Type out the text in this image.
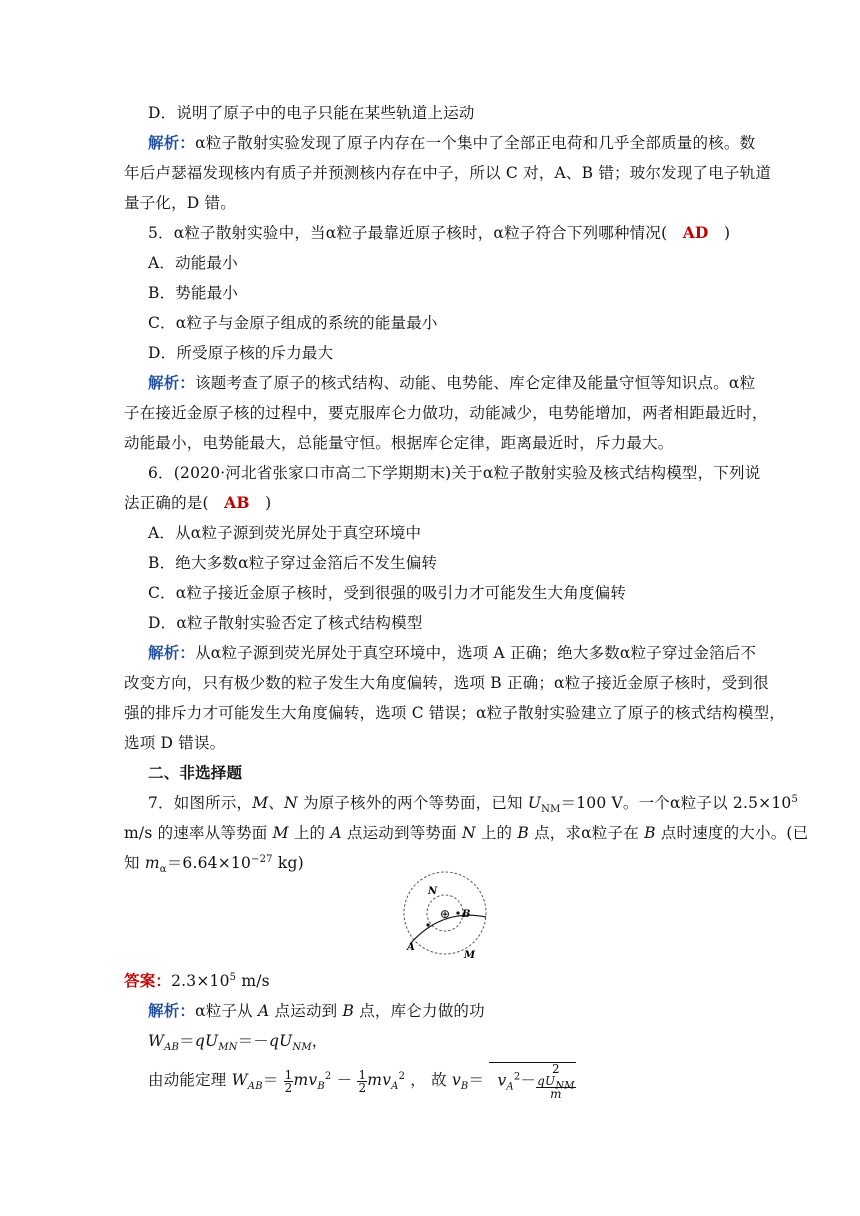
D．说明了原子中的电子只能在某些轨道上运动
解析：α粒子散射实验发现了原子内存在一个集中了全部正电荷和几乎全部质量的核。数
年后卢瑟福发现核内有质子并预测核内存在中子，所以 C 对，A、B 错；玻尔发现了电子轨道
量子化，D 错。
5．α粒子散射实验中，当α粒子最靠近原子核时，α粒子符合下列哪种情况( AD )
A．动能最小
B．势能最小
C．α粒子与金原子组成的系统的能量最小
D．所受原子核的斥力最大
解析：该题考查了原子的核式结构、动能、电势能、库仑定律及能量守恒等知识点。α粒
子在接近金原子核的过程中，要克服库仑力做功，动能减少，电势能增加，两者相距最近时，
动能最小，电势能最大，总能量守恒。根据库仑定律，距离最近时，斥力最大。
6．(2020·河北省张家口市高二下学期期末)关于α粒子散射实验及核式结构模型，下列说
法正确的是( AB )
A．从α粒子源到荧光屏处于真空环境中
B．绝大多数α粒子穿过金箔后不发生偏转
C．α粒子接近金原子核时，受到很强的吸引力才可能发生大角度偏转
D．α粒子散射实验否定了核式结构模型
解析：从α粒子源到荧光屏处于真空环境中，选项 A 正确；绝大多数α粒子穿过金箔后不
改变方向，只有极少数的粒子发生大角度偏转，选项 B 正确；α粒子接近金原子核时，受到很
强的排斥力才可能发生大角度偏转，选项 C 错误；α粒子散射实验建立了原子的核式结构模型，
选项 D 错误。
二、非选择题
7．如图所示，M、N 为原子核外的两个等势面，已知 $U_{NM}=100$ V。一个α粒子以 $2.5\times 10^5$
m/s 的速率从等势面 M 上的 A 点运动到等势面 N 上的 B 点，求α粒子在 B 点时速度的大小。(已
知 $m_\alpha=6.64\times 10^{-27}$ kg)
⊕
N
B
A
M
答案：$2.3\times 10^5$ m/s
解析：α粒子从 A 点运动到 B 点，库仑力做的功
$W_{AB}=qU_{MN}=-qU_{NM}$，
由动能定理 $W_{AB}= \frac{1}{2} mv_B^2 - \frac{1}{2} mv_A^2$ ， 故 $v_B= v_A^2- 2$
$qU_{NM}$
m
